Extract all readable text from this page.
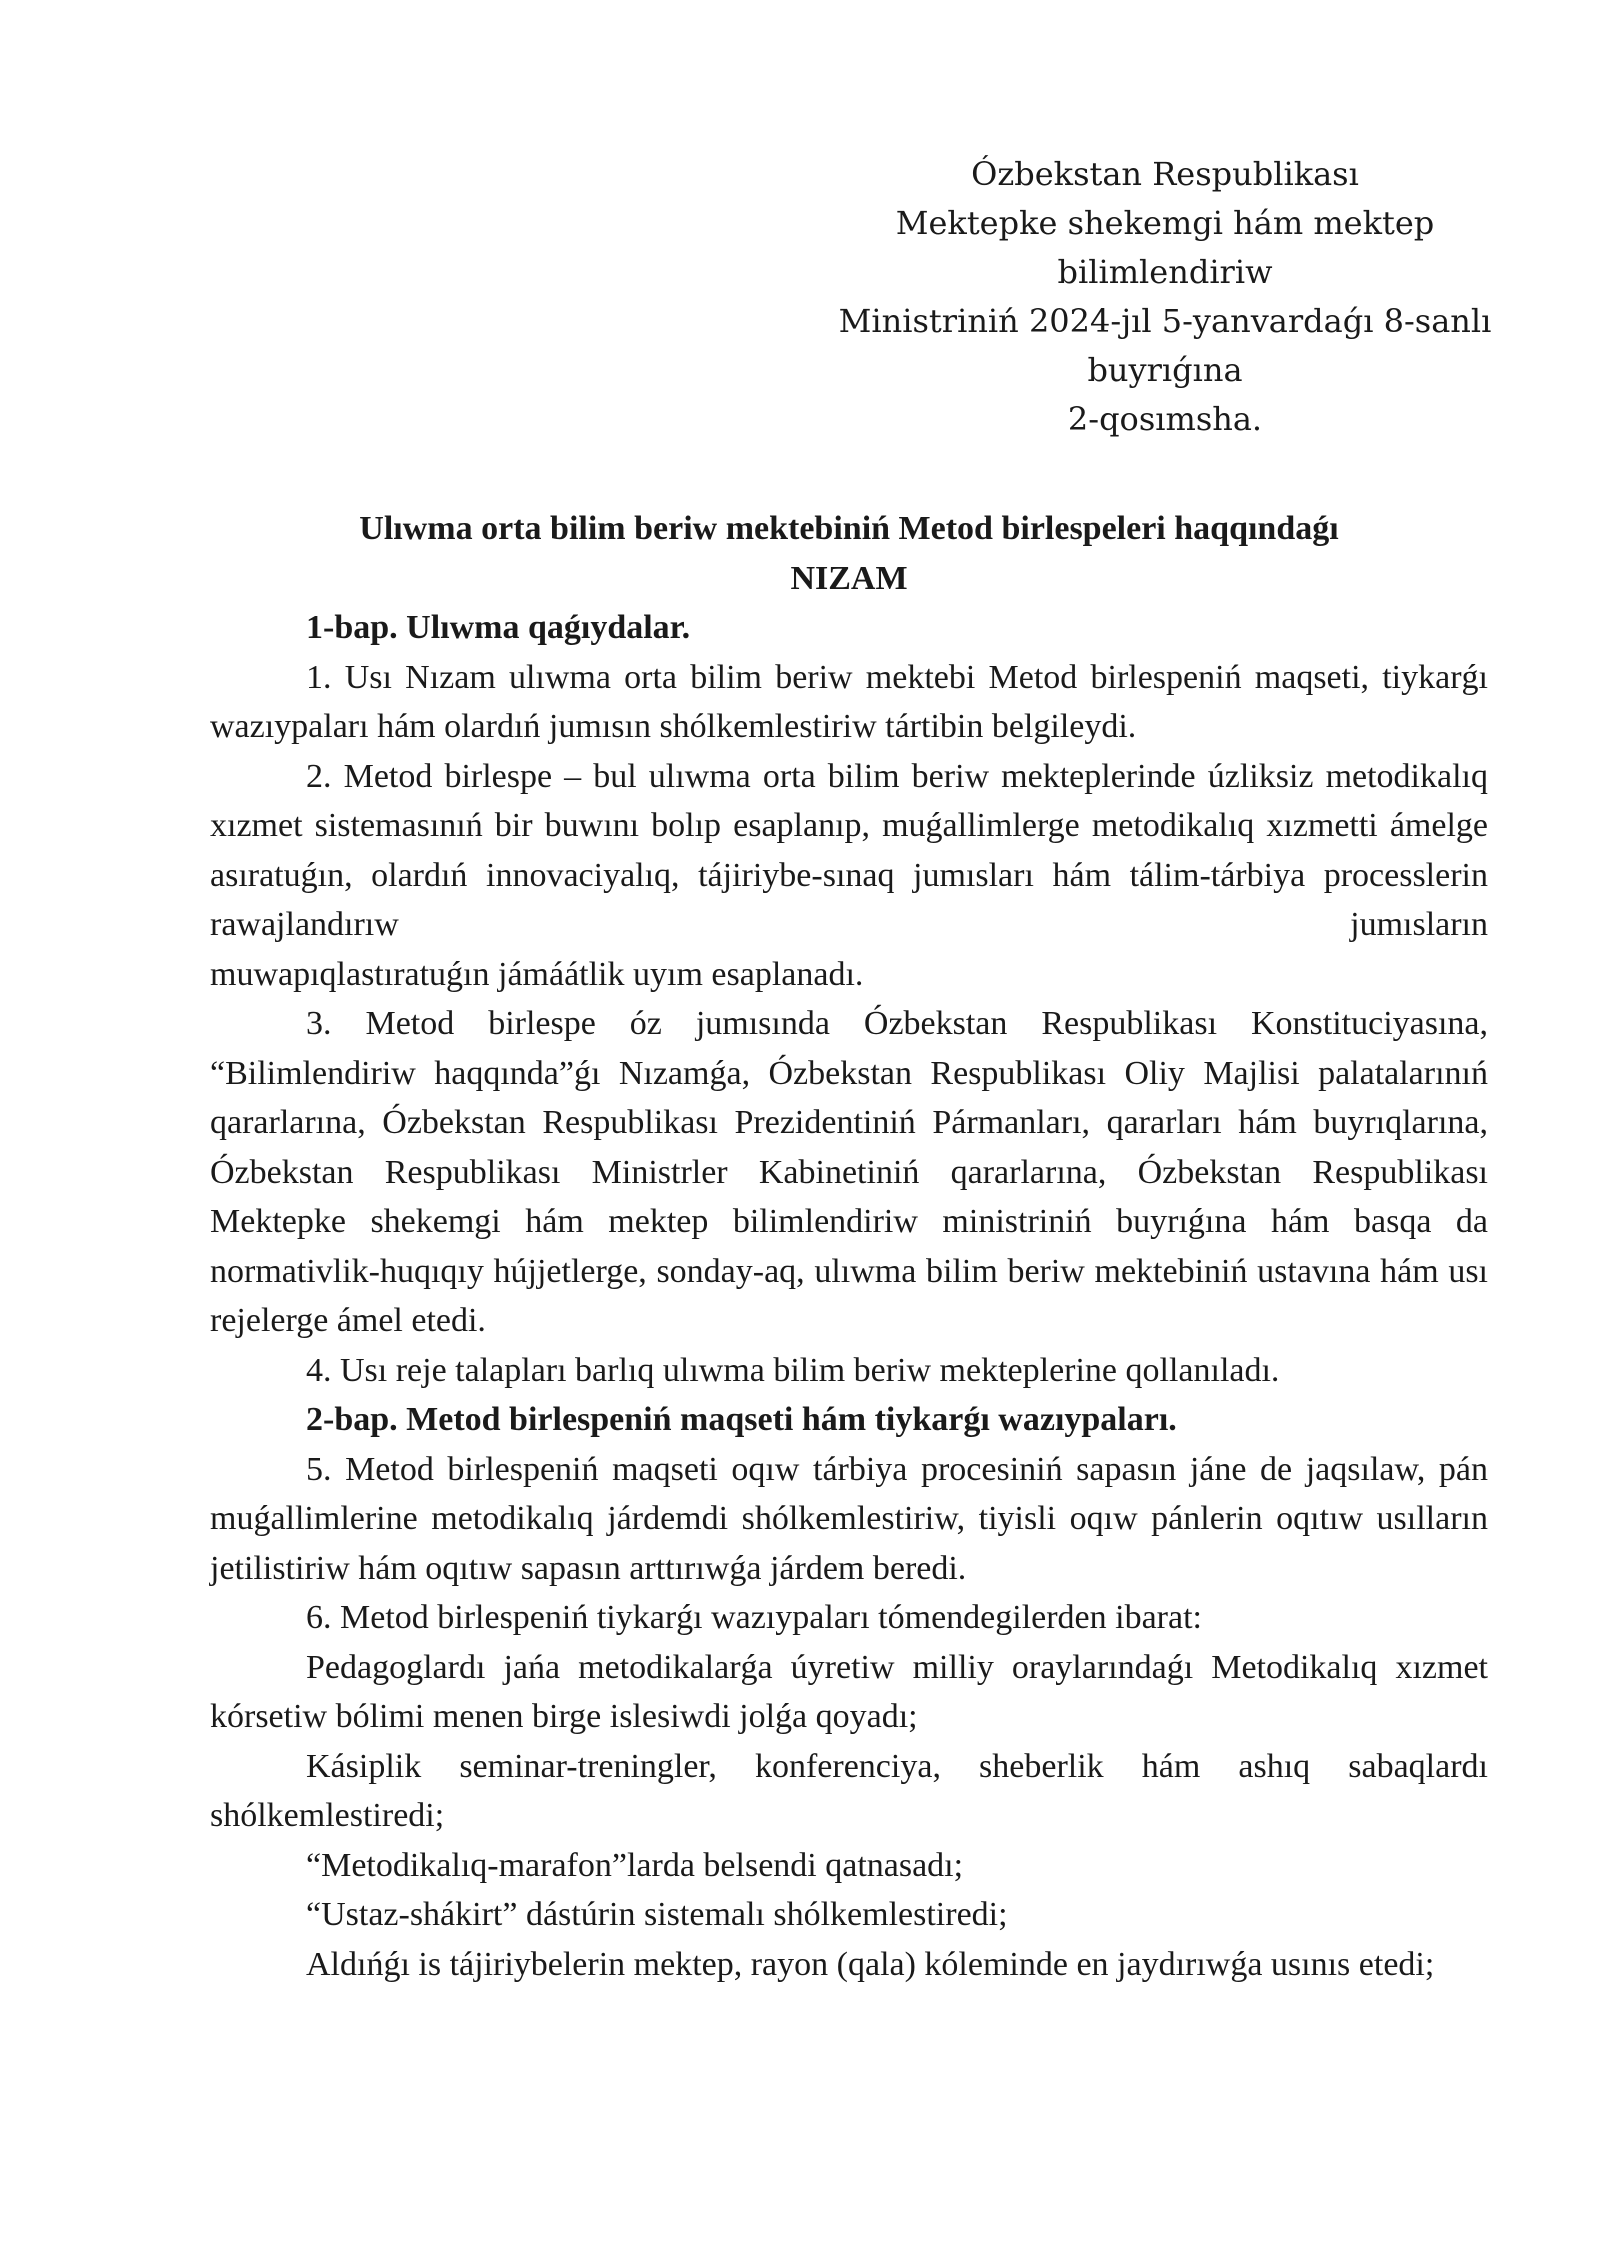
Ózbekstan Respublikası
Mektepke shekemgi hám mektep
bilimlendiriw
Ministriniń 2024-jıl 5-yanvardaǵı 8-sanlı
buyrıǵına
2-qosımsha.
Ulıwma orta bilim beriw mektebiniń Metod birlespeleri haqqındaǵı
NIZAM

1-bap. Ulıwma qaǵıydalar.

1. Usı Nızam ulıwma orta bilim beriw mektebi Metod birlespeniń maqseti, tiykarǵı wazıypaları hám olardıń jumısın shólkemlestiriw tártibin belgileydi.

2. Metod birlespe – bul ulıwma orta bilim beriw mekteplerinde úzliksiz metodikalıq xızmet sistemasınıń bir buwını bolıp esaplanıp, muǵallimlerge metodikalıq xızmetti ámelge asıratuǵın, olardıń innovaciyalıq, tájiriybe-sınaq jumısları hám tálim-tárbiya processlerin rawajlandırıw jumısların

muwapıqlastıratuǵın jámáátlik uyım esaplanadı.

3. Metod birlespe óz jumısında Ózbekstan Respublikası Konstituciyasına, “Bilimlendiriw haqqında”ǵı Nızamǵa, Ózbekstan Respublikası Oliy Majlisi palatalarınıń qararlarına, Ózbekstan Respublikası Prezidentiniń Pármanları, qararları hám buyrıqlarına, Ózbekstan Respublikası Ministrler Kabinetiniń qararlarına, Ózbekstan Respublikası Mektepke shekemgi hám mektep bilimlendiriw ministriniń buyrıǵına hám basqa da normativlik-huqıqıy hújjetlerge, sonday-aq, ulıwma bilim beriw mektebiniń ustavına hám usı rejelerge ámel etedi.

4. Usı reje talapları barlıq ulıwma bilim beriw mekteplerine qollanıladı.

2-bap. Metod birlespeniń maqseti hám tiykarǵı wazıypaları.

5. Metod birlespeniń maqseti oqıw tárbiya procesiniń sapasın jáne de jaqsılaw, pán muǵallimlerine metodikalıq járdemdi shólkemlestiriw, tiyisli oqıw pánlerin oqıtıw usılların jetilistiriw hám oqıtıw sapasın arttırıwǵa járdem beredi.

6. Metod birlespeniń tiykarǵı wazıypaları tómendegilerden ibarat:

Pedagoglardı jańa metodikalarǵa úyretiw milliy oraylarındaǵı Metodikalıq xızmet kórsetiw bólimi menen birge islesiwdi jolǵa qoyadı;

Kásiplik seminar-treningler, konferenciya, sheberlik hám ashıq sabaqlardı shólkemlestiredi;

“Metodikalıq-marafon”larda belsendi qatnasadı;

“Ustaz-shákirt” dástúrin sistemalı shólkemlestiredi;

Aldıńǵı is tájiriybelerin mektep, rayon (qala) kóleminde en jaydırıwǵa usınıs etedi;
